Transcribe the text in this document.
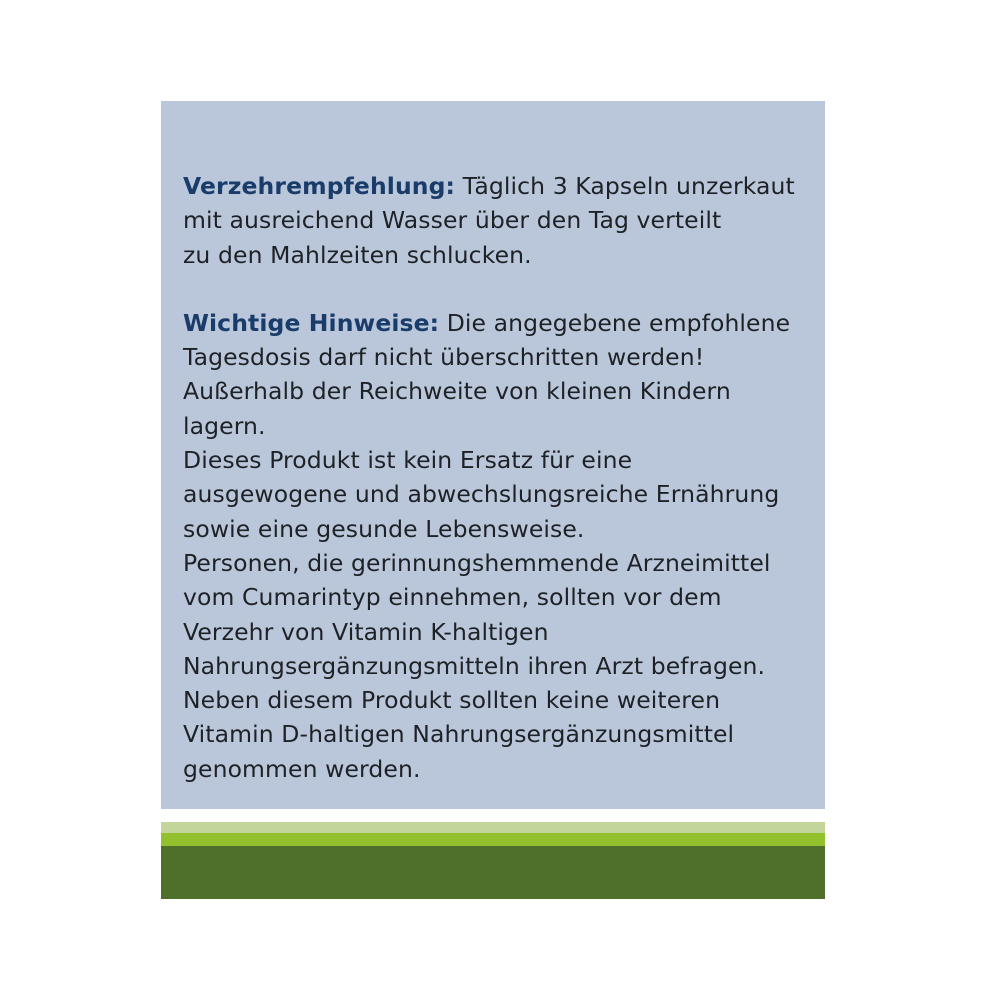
Verzehrempfehlung: Täglich 3 Kapseln unzerkaut
mit ausreichend Wasser über den Tag verteilt
zu den Mahlzeiten schlucken.

Wichtige Hinweise: Die angegebene empfohlene
Tagesdosis darf nicht überschritten werden!
Außerhalb der Reichweite von kleinen Kindern
lagern.
Dieses Produkt ist kein Ersatz für eine
ausgewogene und abwechslungsreiche Ernährung
sowie eine gesunde Lebensweise.
Personen, die gerinnungshemmende Arzneimittel
vom Cumarintyp einnehmen, sollten vor dem
Verzehr von Vitamin K-haltigen
Nahrungsergänzungsmitteln ihren Arzt befragen.
Neben diesem Produkt sollten keine weiteren
Vitamin D-haltigen Nahrungsergänzungsmittel
genommen werden.
